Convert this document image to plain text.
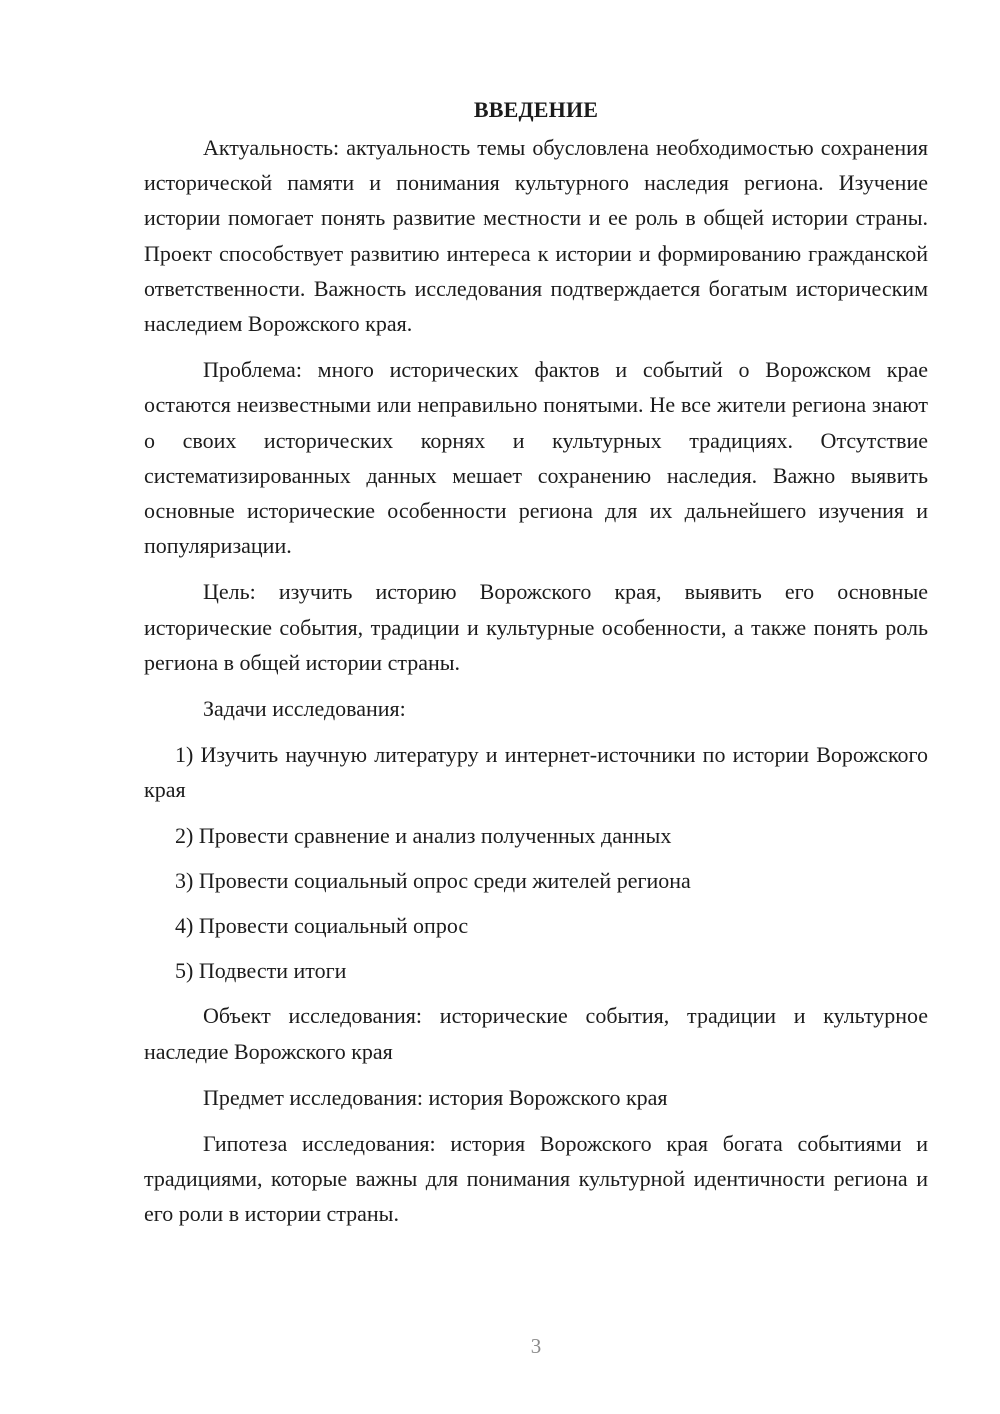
ВВЕДЕНИЕ

Актуальность: актуальность темы обусловлена необходимостью сохранения исторической памяти и понимания культурного наследия региона. Изучение истории помогает понять развитие местности и ее роль в общей истории страны. Проект способствует развитию интереса к истории и формированию гражданской ответственности. Важность исследования подтверждается богатым историческим наследием Ворожского края.

Проблема: много исторических фактов и событий о Ворожском крае остаются неизвестными или неправильно понятыми. Не все жители региона знают о своих исторических корнях и культурных традициях. Отсутствие систематизированных данных мешает сохранению наследия. Важно выявить основные исторические особенности региона для их дальнейшего изучения и популяризации.

Цель: изучить историю Ворожского края, выявить его основные исторические события, традиции и культурные особенности, а также понять роль региона в общей истории страны.

Задачи исследования:

1) Изучить научную литературу и интернет-источники по истории Ворожского края

2) Провести сравнение и анализ полученных данных

3) Провести социальный опрос среди жителей региона

4) Провести социальный опрос

5) Подвести итоги

Объект исследования: исторические события, традиции и культурное наследие Ворожского края

Предмет исследования: история Ворожского края

Гипотеза исследования: история Ворожского края богата событиями и традициями, которые важны для понимания культурной идентичности региона и его роли в истории страны.

3
